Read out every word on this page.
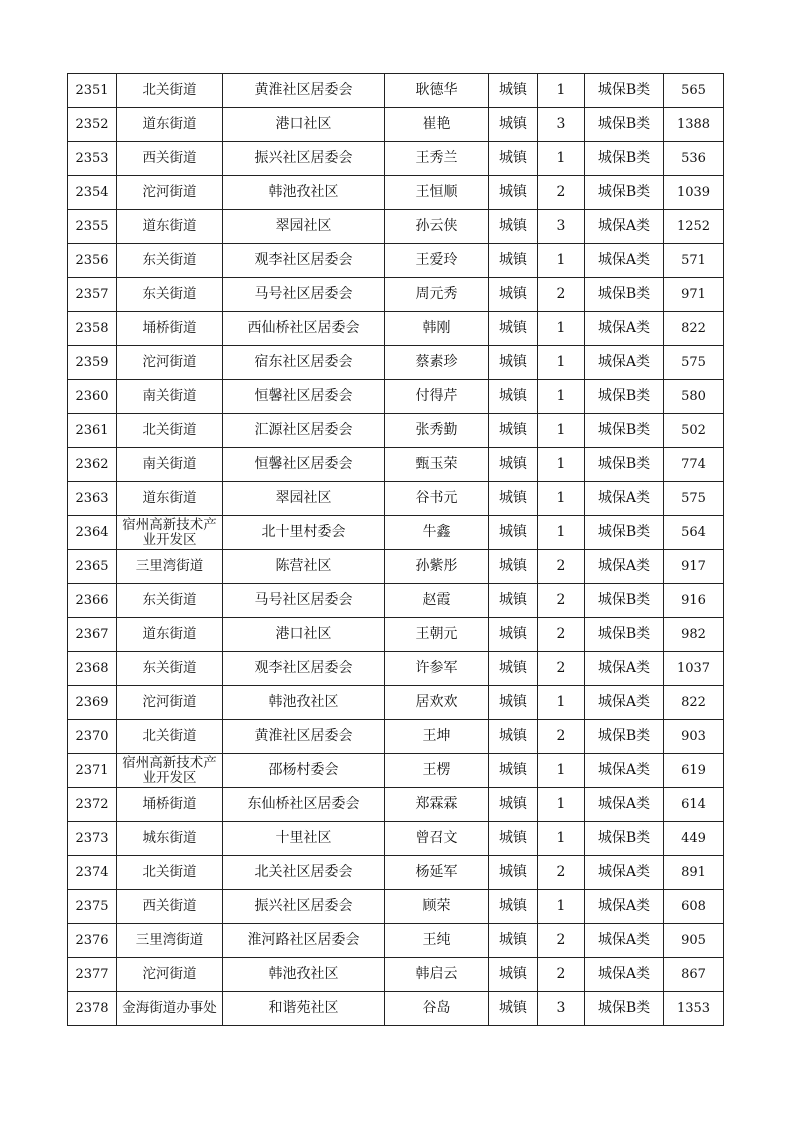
2351	北关街道	黄淮社区居委会	耿德华	城镇	1	城保B类	565
2352	道东街道	港口社区	崔艳	城镇	3	城保B类	1388
2353	西关街道	振兴社区居委会	王秀兰	城镇	1	城保B类	536
2354	沱河街道	韩池孜社区	王恒顺	城镇	2	城保B类	1039
2355	道东街道	翠园社区	孙云侠	城镇	3	城保A类	1252
2356	东关街道	观李社区居委会	王爱玲	城镇	1	城保A类	571
2357	东关街道	马号社区居委会	周元秀	城镇	2	城保B类	971
2358	埇桥街道	西仙桥社区居委会	韩刚	城镇	1	城保A类	822
2359	沱河街道	宿东社区居委会	蔡素珍	城镇	1	城保A类	575
2360	南关街道	恒馨社区居委会	付得芹	城镇	1	城保B类	580
2361	北关街道	汇源社区居委会	张秀勤	城镇	1	城保B类	502
2362	南关街道	恒馨社区居委会	甄玉荣	城镇	1	城保B类	774
2363	道东街道	翠园社区	谷书元	城镇	1	城保A类	575
2364	宿州高新技术产业开发区	北十里村委会	牛鑫	城镇	1	城保B类	564
2365	三里湾街道	陈营社区	孙紫彤	城镇	2	城保A类	917
2366	东关街道	马号社区居委会	赵霞	城镇	2	城保B类	916
2367	道东街道	港口社区	王朝元	城镇	2	城保B类	982
2368	东关街道	观李社区居委会	许参军	城镇	2	城保A类	1037
2369	沱河街道	韩池孜社区	居欢欢	城镇	1	城保A类	822
2370	北关街道	黄淮社区居委会	王坤	城镇	2	城保B类	903
2371	宿州高新技术产业开发区	邵杨村委会	王楞	城镇	1	城保A类	619
2372	埇桥街道	东仙桥社区居委会	郑霖霖	城镇	1	城保A类	614
2373	城东街道	十里社区	曾召文	城镇	1	城保B类	449
2374	北关街道	北关社区居委会	杨延军	城镇	2	城保A类	891
2375	西关街道	振兴社区居委会	顾荣	城镇	1	城保A类	608
2376	三里湾街道	淮河路社区居委会	王纯	城镇	2	城保A类	905
2377	沱河街道	韩池孜社区	韩启云	城镇	2	城保A类	867
2378	金海街道办事处	和谐苑社区	谷岛	城镇	3	城保B类	1353
